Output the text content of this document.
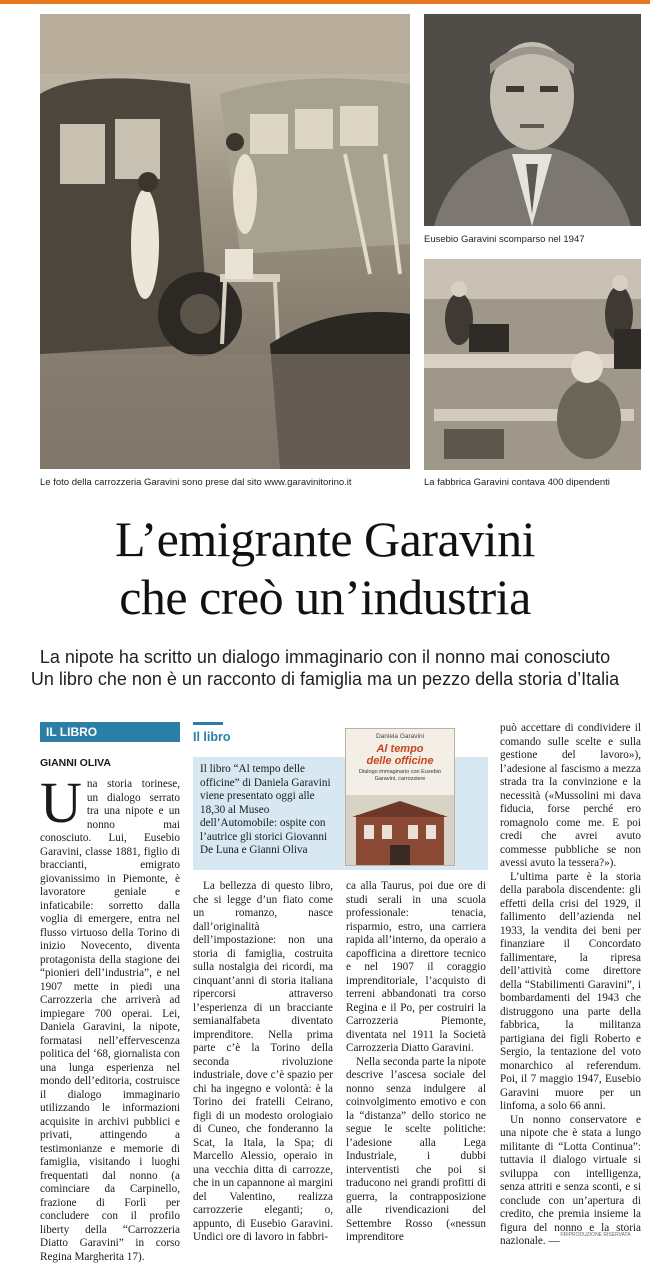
Eusebio Garavini scomparso nel 1947
Le foto della carrozzeria Garavini sono prese dal sito www.garavinitorino.it	La fabbrica Garavini contava 400 dipendenti
L’emigrante Garavini
che creò un’industria
La nipote ha scritto un dialogo immaginario con il nonno mai conosciuto
Un libro che non è un racconto di famiglia ma un pezzo della storia d’Italia
IL LIBRO
GIANNI OLIVA

Una storia torinese, un dialogo serrato tra una nipote e un nonno mai conosciuto. Lui, Eusebio Garavini, classe 1881, figlio di braccianti, emigrato giovanissimo in Piemonte, è lavoratore geniale e infaticabile: sorretto dalla voglia di emergere, entra nel flusso virtuoso della Torino di inizio Novecento, diventa protagonista della stagione dei “pionieri dell’industria”, e nel 1907 mette in piedi una Carrozzeria che arriverà ad impiegare 700 operai. Lei, Daniela Garavini, la nipote, formatasi nell’effervescenza politica del ‘68, giornalista con una lunga esperienza nel mondo dell’editoria, costruisce il dialogo immaginario utilizzando le informazioni acquisite in archivi pubblici e privati, attingendo a testimonianze e memorie di famiglia, visitando i luoghi frequentati dal nonno (a cominciare da Carpinello, frazione di Forlì per concludere con il profilo liberty della “Carrozzeria Diatto Garavini” in corso Regina Margherita 17).

Il libro
Il libro “Al tempo delle officine” di Daniela Garavini viene presentato oggi alle 18,30 al Museo dell’Automobile: ospite con l’autrice gli storici Giovanni De Luna e Gianni Oliva
Daniela Garavini
Al tempo
delle officine
Dialogo immaginario con Eusebio Garavini, carrozziere

La bellezza di questo libro, che si legge d’un fiato come un romanzo, nasce dall’originalità dell’impostazione: non una storia di famiglia, costruita sulla nostalgia dei ricordi, ma cinquant’anni di storia italiana ripercorsi attraverso l’esperienza di un bracciante semianalfabeta diventato imprenditore. Nella prima parte c’è la Torino della seconda rivoluzione industriale, dove c’è spazio per chi ha ingegno e volontà: è la Torino dei fratelli Ceirano, figli di un modesto orologiaio di Cuneo, che fonderanno la Scat, la Itala, la Spa; di Marcello Alessio, operaio in una vecchia ditta di carrozze, che in un capannone ai margini del Valentino, realizza carrozzerie eleganti; o, appunto, di Eusebio Garavini. Undici ore di lavoro in fabbri-

ca alla Taurus, poi due ore di studi serali in una scuola professionale: tenacia, risparmio, estro, una carriera rapida all’interno, da operaio a capofficina a direttore tecnico e nel 1907 il coraggio imprenditoriale, l’acquisto di terreni abbandonati tra corso Regina e il Po, per costruiri la Carrozzeria Piemonte, diventata nel 1911 la Società Carrozzeria Diatto Garavini.

Nella seconda parte la nipote descrive l’ascesa sociale del nonno senza indulgere al coinvolgimento emotivo e con la “distanza” dello storico ne segue le scelte politiche: l’adesione alla Lega Industriale, i dubbi interventisti che poi si traducono nei grandi profitti di guerra, la contrapposizione alle rivendicazioni del Settembre Rosso («nessun imprenditore

può accettare di condividere il comando sulle scelte e sulla gestione del lavoro»), l’adesione al fascismo a mezza strada tra la convinzione e la necessità («Mussolini mi dava fiducia, forse perché ero romagnolo come me. E poi credi che avrei avuto commesse pubbliche se non avessi avuto la tessera?»).

L’ultima parte è la storia della parabola discendente: gli effetti della crisi del 1929, il fallimento dell’azienda nel 1933, la vendita dei beni per finanziare il Concordato fallimentare, la ripresa dell’attività come direttore della “Stabilimenti Garavini”, i bombardamenti del 1943 che distruggono una parte della fabbrica, la militanza partigiana dei figli Roberto e Sergio, la tentazione del voto monarchico al referendum. Poi, il 7 maggio 1947, Eusebio Garavini muore per un linfoma, a solo 66 anni.

Un nonno conservatore e una nipote che è stata a lungo militante di “Lotta Continua”: tuttavia il dialogo virtuale si sviluppa con intelligenza, senza attriti e senza sconti, e si conclude con un’apertura di credito, che premia insieme la figura del nonno e la storia nazionale. — ©RIPRODUZIONE RISERVATA
